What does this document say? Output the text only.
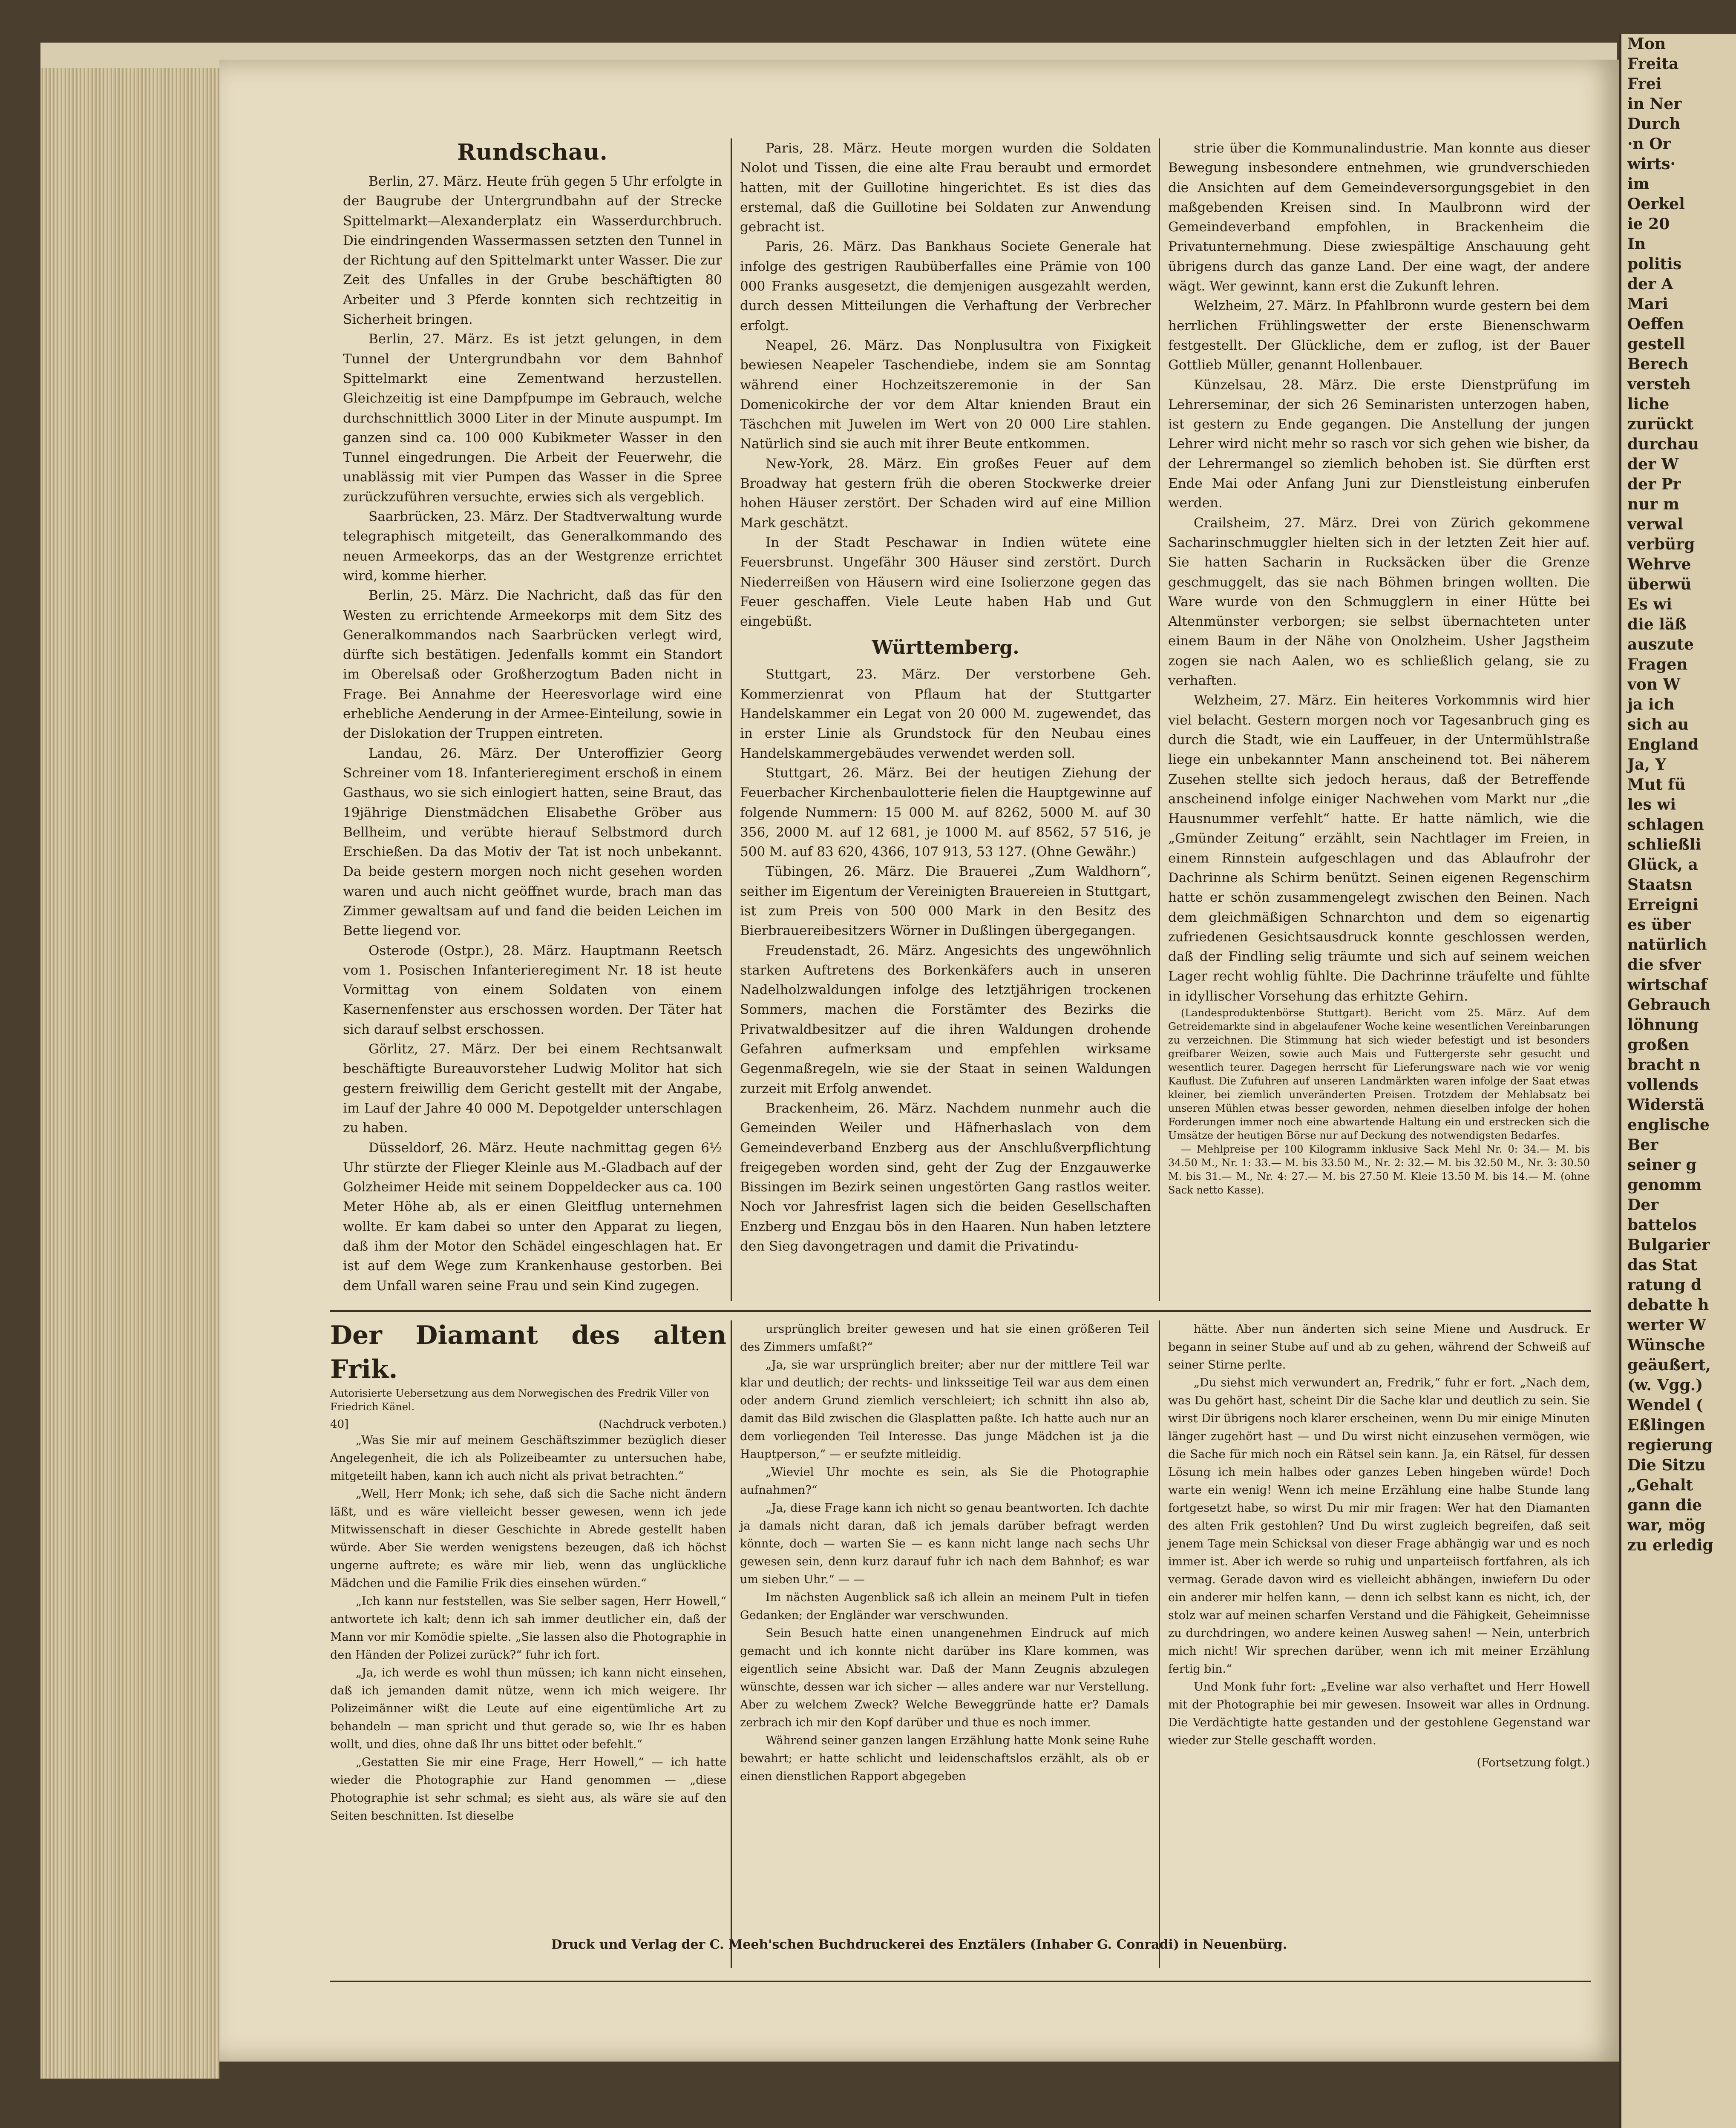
Rundschau.

Berlin, 27. März. Heute früh gegen 5 Uhr erfolgte in der Baugrube der Untergrundbahn auf der Strecke Spittelmarkt—Alexanderplatz ein Wasserdurchbruch. Die eindringenden Wassermassen setzten den Tunnel in der Richtung auf den Spittelmarkt unter Wasser. Die zur Zeit des Unfalles in der Grube beschäftigten 80 Arbeiter und 3 Pferde konnten sich rechtzeitig in Sicherheit bringen.

Berlin, 27. März. Es ist jetzt gelungen, in dem Tunnel der Untergrundbahn vor dem Bahnhof Spittelmarkt eine Zementwand herzustellen. Gleichzeitig ist eine Dampfpumpe im Gebrauch, welche durchschnittlich 3000 Liter in der Minute auspumpt. Im ganzen sind ca. 100 000 Kubikmeter Wasser in den Tunnel eingedrungen. Die Arbeit der Feuerwehr, die unablässig mit vier Pumpen das Wasser in die Spree zurückzuführen versuchte, erwies sich als vergeblich.

Saarbrücken, 23. März. Der Stadtverwaltung wurde telegraphisch mitgeteilt, das Generalkommando des neuen Armeekorps, das an der Westgrenze errichtet wird, komme hierher.

Berlin, 25. März. Die Nachricht, daß das für den Westen zu errichtende Armeekorps mit dem Sitz des Generalkommandos nach Saarbrücken verlegt wird, dürfte sich bestätigen. Jedenfalls kommt ein Standort im Oberelsaß oder Großherzogtum Baden nicht in Frage. Bei Annahme der Heeresvorlage wird eine erhebliche Aenderung in der Armee-Einteilung, sowie in der Dislokation der Truppen eintreten.

Landau, 26. März. Der Unteroffizier Georg Schreiner vom 18. Infanterieregiment erschoß in einem Gasthaus, wo sie sich einlogiert hatten, seine Braut, das 19jährige Dienstmädchen Elisabethe Gröber aus Bellheim, und verübte hierauf Selbstmord durch Erschießen. Da das Motiv der Tat ist noch unbekannt. Da beide gestern morgen noch nicht gesehen worden waren und auch nicht geöffnet wurde, brach man das Zimmer gewaltsam auf und fand die beiden Leichen im Bette liegend vor.

Osterode (Ostpr.), 28. März. Hauptmann Reetsch vom 1. Posischen Infanterieregiment Nr. 18 ist heute Vormittag von einem Soldaten von einem Kasernenfenster aus erschossen worden. Der Täter hat sich darauf selbst erschossen.

Görlitz, 27. März. Der bei einem Rechtsanwalt beschäftigte Bureauvorsteher Ludwig Molitor hat sich gestern freiwillig dem Gericht gestellt mit der Angabe, im Lauf der Jahre 40 000 M. Depotgelder unterschlagen zu haben.

Düsseldorf, 26. März. Heute nachmittag gegen 6½ Uhr stürzte der Flieger Kleinle aus M.-Gladbach auf der Golzheimer Heide mit seinem Doppeldecker aus ca. 100 Meter Höhe ab, als er einen Gleitflug unternehmen wollte. Er kam dabei so unter den Apparat zu liegen, daß ihm der Motor den Schädel eingeschlagen hat. Er ist auf dem Wege zum Krankenhause gestorben. Bei dem Unfall waren seine Frau und sein Kind zugegen.

Paris, 28. März. Heute morgen wurden die Soldaten Nolot und Tissen, die eine alte Frau beraubt und ermordet hatten, mit der Guillotine hingerichtet. Es ist dies das erstemal, daß die Guillotine bei Soldaten zur Anwendung gebracht ist.

Paris, 26. März. Das Bankhaus Societe Generale hat infolge des gestrigen Raubüberfalles eine Prämie von 100 000 Franks ausgesetzt, die demjenigen ausgezahlt werden, durch dessen Mitteilungen die Verhaftung der Verbrecher erfolgt.

Neapel, 26. März. Das Nonplusultra von Fixigkeit bewiesen Neapeler Taschendiebe, indem sie am Sonntag während einer Hochzeitszeremonie in der San Domenicokirche der vor dem Altar knienden Braut ein Täschchen mit Juwelen im Wert von 20 000 Lire stahlen. Natürlich sind sie auch mit ihrer Beute entkommen.

New-York, 28. März. Ein großes Feuer auf dem Broadway hat gestern früh die oberen Stockwerke dreier hohen Häuser zerstört. Der Schaden wird auf eine Million Mark geschätzt.

In der Stadt Peschawar in Indien wütete eine Feuersbrunst. Ungefähr 300 Häuser sind zerstört. Durch Niederreißen von Häusern wird eine Isolierzone gegen das Feuer geschaffen. Viele Leute haben Hab und Gut eingebüßt.

Württemberg.

Stuttgart, 23. März. Der verstorbene Geh. Kommerzienrat von Pflaum hat der Stuttgarter Handelskammer ein Legat von 20 000 M. zugewendet, das in erster Linie als Grundstock für den Neubau eines Handelskammergebäudes verwendet werden soll.

Stuttgart, 26. März. Bei der heutigen Ziehung der Feuerbacher Kirchenbaulotterie fielen die Hauptgewinne auf folgende Nummern: 15 000 M. auf 8262, 5000 M. auf 30 356, 2000 M. auf 12 681, je 1000 M. auf 8562, 57 516, je 500 M. auf 83 620, 4366, 107 913, 53 127. (Ohne Gewähr.)

Tübingen, 26. März. Die Brauerei „Zum Waldhorn“, seither im Eigentum der Vereinigten Brauereien in Stuttgart, ist zum Preis von 500 000 Mark in den Besitz des Bierbrauereibesitzers Wörner in Dußlingen übergegangen.

Freudenstadt, 26. März. Angesichts des ungewöhnlich starken Auftretens des Borkenkäfers auch in unseren Nadelholzwaldungen infolge des letztjährigen trockenen Sommers, machen die Forstämter des Bezirks die Privatwaldbesitzer auf die ihren Waldungen drohende Gefahren aufmerksam und empfehlen wirksame Gegenmaßregeln, wie sie der Staat in seinen Waldungen zurzeit mit Erfolg anwendet.

Brackenheim, 26. März. Nachdem nunmehr auch die Gemeinden Weiler und Häfnerhaslach von dem Gemeindeverband Enzberg aus der Anschlußverpflichtung freigegeben worden sind, geht der Zug der Enzgauwerke Bissingen im Bezirk seinen ungestörten Gang rastlos weiter. Noch vor Jahresfrist lagen sich die beiden Gesellschaften Enzberg und Enzgau bös in den Haaren. Nun haben letztere den Sieg davongetragen und damit die Privatindu-

strie über die Kommunalindustrie. Man konnte aus dieser Bewegung insbesondere entnehmen, wie grundverschieden die Ansichten auf dem Gemeindeversorgungsgebiet in den maßgebenden Kreisen sind. In Maulbronn wird der Gemeindeverband empfohlen, in Brackenheim die Privatunternehmung. Diese zwiespältige Anschauung geht übrigens durch das ganze Land. Der eine wagt, der andere wägt. Wer gewinnt, kann erst die Zukunft lehren.

Welzheim, 27. März. In Pfahlbronn wurde gestern bei dem herrlichen Frühlingswetter der erste Bienenschwarm festgestellt. Der Glückliche, dem er zuflog, ist der Bauer Gottlieb Müller, genannt Hollenbauer.

Künzelsau, 28. März. Die erste Dienstprüfung im Lehrerseminar, der sich 26 Seminaristen unterzogen haben, ist gestern zu Ende gegangen. Die Anstellung der jungen Lehrer wird nicht mehr so rasch vor sich gehen wie bisher, da der Lehrermangel so ziemlich behoben ist. Sie dürften erst Ende Mai oder Anfang Juni zur Dienstleistung einberufen werden.

Crailsheim, 27. März. Drei von Zürich gekommene Sacharinschmuggler hielten sich in der letzten Zeit hier auf. Sie hatten Sacharin in Rucksäcken über die Grenze geschmuggelt, das sie nach Böhmen bringen wollten. Die Ware wurde von den Schmugglern in einer Hütte bei Altenmünster verborgen; sie selbst übernachteten unter einem Baum in der Nähe von Onolzheim. Usher Jagstheim zogen sie nach Aalen, wo es schließlich gelang, sie zu verhaften.

Welzheim, 27. März. Ein heiteres Vorkommnis wird hier viel belacht. Gestern morgen noch vor Tagesanbruch ging es durch die Stadt, wie ein Lauffeuer, in der Untermühlstraße liege ein unbekannter Mann anscheinend tot. Bei näherem Zusehen stellte sich jedoch heraus, daß der Betreffende anscheinend infolge einiger Nachwehen vom Markt nur „die Hausnummer verfehlt“ hatte. Er hatte nämlich, wie die „Gmünder Zeitung“ erzählt, sein Nachtlager im Freien, in einem Rinnstein aufgeschlagen und das Ablaufrohr der Dachrinne als Schirm benützt. Seinen eigenen Regenschirm hatte er schön zusammengelegt zwischen den Beinen. Nach dem gleichmäßigen Schnarchton und dem so eigenartig zufriedenen Gesichtsausdruck konnte geschlossen werden, daß der Findling selig träumte und sich auf seinem weichen Lager recht wohlig fühlte. Die Dachrinne träufelte und fühlte in idyllischer Vorsehung das erhitzte Gehirn.

(Landesproduktenbörse Stuttgart). Bericht vom 25. März. Auf dem Getreidemarkte sind in abgelaufener Woche keine wesentlichen Vereinbarungen zu verzeichnen. Die Stimmung hat sich wieder befestigt und ist besonders greifbarer Weizen, sowie auch Mais und Futtergerste sehr gesucht und wesentlich teurer. Dagegen herrscht für Lieferungsware nach wie vor wenig Kauflust. Die Zufuhren auf unseren Landmärkten waren infolge der Saat etwas kleiner, bei ziemlich unveränderten Preisen. Trotzdem der Mehlabsatz bei unseren Mühlen etwas besser geworden, nehmen dieselben infolge der hohen Forderungen immer noch eine abwartende Haltung ein und erstrecken sich die Umsätze der heutigen Börse nur auf Deckung des notwendigsten Bedarfes.

— Mehlpreise per 100 Kilogramm inklusive Sack Mehl Nr. 0: 34.— M. bis 34.50 M., Nr. 1: 33.— M. bis 33.50 M., Nr. 2: 32.— M. bis 32.50 M., Nr. 3: 30.50 M. bis 31.— M., Nr. 4: 27.— M. bis 27.50 M. Kleie 13.50 M. bis 14.— M. (ohne Sack netto Kasse).

Der Diamant des alten Frik.
Autorisierte Uebersetzung aus dem Norwegischen des Fredrik Viller von Friedrich Känel.
40]	(Nachdruck verboten.)

„Was Sie mir auf meinem Geschäftszimmer bezüglich dieser Angelegenheit, die ich als Polizeibeamter zu untersuchen habe, mitgeteilt haben, kann ich auch nicht als privat betrachten.“

„Well, Herr Monk; ich sehe, daß sich die Sache nicht ändern läßt, und es wäre vielleicht besser gewesen, wenn ich jede Mitwissenschaft in dieser Geschichte in Abrede gestellt haben würde. Aber Sie werden wenigstens bezeugen, daß ich höchst ungerne auftrete; es wäre mir lieb, wenn das unglückliche Mädchen und die Familie Frik dies einsehen würden.“

„Ich kann nur feststellen, was Sie selber sagen, Herr Howell,“ antwortete ich kalt; denn ich sah immer deutlicher ein, daß der Mann vor mir Komödie spielte. „Sie lassen also die Photographie in den Händen der Polizei zurück?“ fuhr ich fort.

„Ja, ich werde es wohl thun müssen; ich kann nicht einsehen, daß ich jemanden damit nütze, wenn ich mich weigere. Ihr Polizeimänner wißt die Leute auf eine eigentümliche Art zu behandeln — man spricht und thut gerade so, wie Ihr es haben wollt, und dies, ohne daß Ihr uns bittet oder befehlt.“

„Gestatten Sie mir eine Frage, Herr Howell,“ — ich hatte wieder die Photographie zur Hand genommen — „diese Photographie ist sehr schmal; es sieht aus, als wäre sie auf den Seiten beschnitten. Ist dieselbe

ursprünglich breiter gewesen und hat sie einen größeren Teil des Zimmers umfaßt?“

„Ja, sie war ursprünglich breiter; aber nur der mittlere Teil war klar und deutlich; der rechts- und linksseitige Teil war aus dem einen oder andern Grund ziemlich verschleiert; ich schnitt ihn also ab, damit das Bild zwischen die Glasplatten paßte. Ich hatte auch nur an dem vorliegenden Teil Interesse. Das junge Mädchen ist ja die Hauptperson,“ — er seufzte mitleidig.

„Wieviel Uhr mochte es sein, als Sie die Photographie aufnahmen?“

„Ja, diese Frage kann ich nicht so genau beantworten. Ich dachte ja damals nicht daran, daß ich jemals darüber befragt werden könnte, doch — warten Sie — es kann nicht lange nach sechs Uhr gewesen sein, denn kurz darauf fuhr ich nach dem Bahnhof; es war um sieben Uhr.“ — —

Im nächsten Augenblick saß ich allein an meinem Pult in tiefen Gedanken; der Engländer war verschwunden.

Sein Besuch hatte einen unangenehmen Eindruck auf mich gemacht und ich konnte nicht darüber ins Klare kommen, was eigentlich seine Absicht war. Daß der Mann Zeugnis abzulegen wünschte, dessen war ich sicher — alles andere war nur Verstellung. Aber zu welchem Zweck? Welche Beweggründe hatte er? Damals zerbrach ich mir den Kopf darüber und thue es noch immer.

Während seiner ganzen langen Erzählung hatte Monk seine Ruhe bewahrt; er hatte schlicht und leidenschaftslos erzählt, als ob er einen dienstlichen Rapport abgegeben

hätte. Aber nun änderten sich seine Miene und Ausdruck. Er begann in seiner Stube auf und ab zu gehen, während der Schweiß auf seiner Stirne perlte.

„Du siehst mich verwundert an, Fredrik,“ fuhr er fort. „Nach dem, was Du gehört hast, scheint Dir die Sache klar und deutlich zu sein. Sie wirst Dir übrigens noch klarer erscheinen, wenn Du mir einige Minuten länger zugehört hast — und Du wirst nicht einzusehen vermögen, wie die Sache für mich noch ein Rätsel sein kann. Ja, ein Rätsel, für dessen Lösung ich mein halbes oder ganzes Leben hingeben würde! Doch warte ein wenig! Wenn ich meine Erzählung eine halbe Stunde lang fortgesetzt habe, so wirst Du mir mir fragen: Wer hat den Diamanten des alten Frik gestohlen? Und Du wirst zugleich begreifen, daß seit jenem Tage mein Schicksal von dieser Frage abhängig war und es noch immer ist. Aber ich werde so ruhig und unparteiisch fortfahren, als ich vermag. Gerade davon wird es vielleicht abhängen, inwiefern Du oder ein anderer mir helfen kann, — denn ich selbst kann es nicht, ich, der stolz war auf meinen scharfen Verstand und die Fähigkeit, Geheimnisse zu durchdringen, wo andere keinen Ausweg sahen! — Nein, unterbrich mich nicht! Wir sprechen darüber, wenn ich mit meiner Erzählung fertig bin.“

Und Monk fuhr fort: „Eveline war also verhaftet und Herr Howell mit der Photographie bei mir gewesen. Insoweit war alles in Ordnung. Die Verdächtigte hatte gestanden und der gestohlene Gegenstand war wieder zur Stelle geschafft worden.

(Fortsetzung folgt.)
Druck und Verlag der C. Meeh'schen Buchdruckerei des Enztälers (Inhaber G. Conradi) in Neuenbürg.
Mon
Freita
Frei
in Ner
Durch
·n Or
wirts·
im
Oerkel
ie 20
In
politis
der A
Mari
Oeffen
gestell
Berech
versteh
liche
zurückt
durchau
der W
der Pr
nur m
verwal
verbürg
Wehrve
überwü
Es wi
die läß
auszute
Fragen
von W
ja ich
sich au
England
Ja, Y
Mut fü
les wi
schlagen
schließli
Glück, a
Staatsn
Erreigni
es über
natürlich
die sfver
wirtschaf
Gebrauch
löhnung
großen
bracht n
vollends
Widerstä
englische
Ber
seiner g
genomm
Der
battelos
Bulgarier
das Stat
ratung d
debatte h
werter W
Wünsche
geäußert,
(w. Vgg.)
Wendel (
Eßlingen
regierung
Die Sitzu
„Gehalt
gann die
war, mög
zu erledig
